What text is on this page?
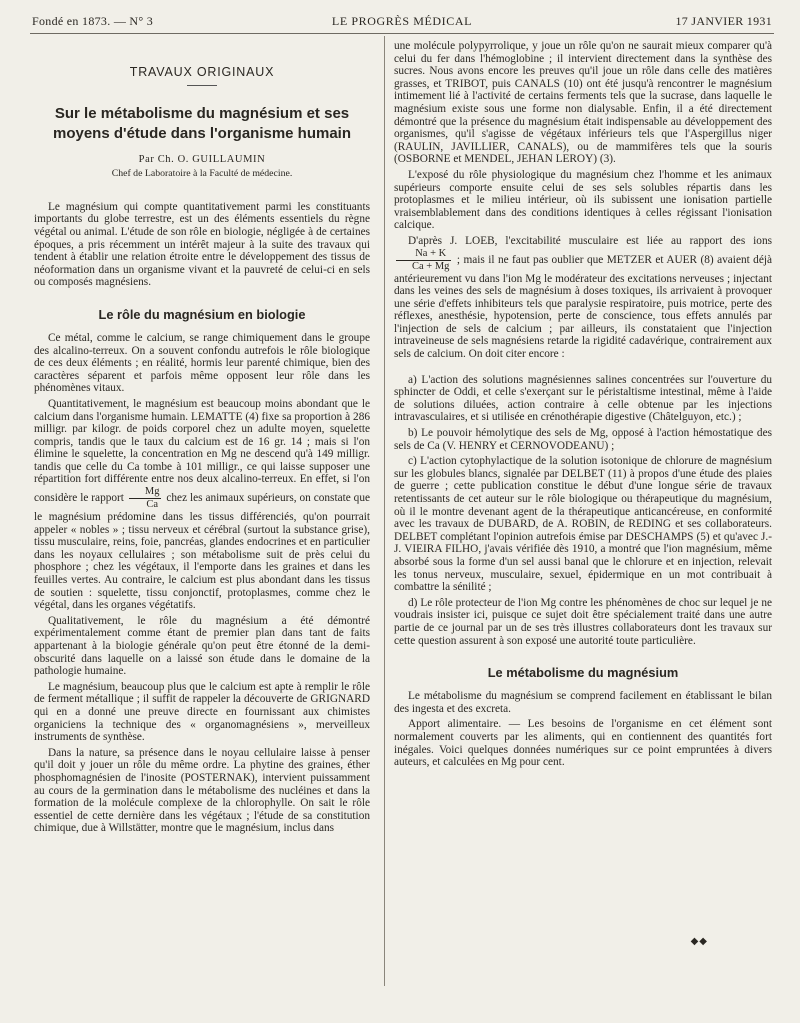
Fondé en 1873. — N° 3	LE PROGRÈS MÉDICAL	17 JANVIER 1931
TRAVAUX ORIGINAUX
Sur le métabolisme du magnésium et ses moyens d'étude dans l'organisme humain
Par Ch. O. GUILLAUMIN
Chef de Laboratoire à la Faculté de médecine.

Le magnésium qui compte quantitativement parmi les constituants importants du globe terrestre, est un des éléments essentiels du règne végétal ou animal. L'étude de son rôle en biologie, négligée à de certaines époques, a pris récemment un intérêt majeur à la suite des travaux qui tendent à établir une relation étroite entre le développement des tissus de néoformation dans un organisme vivant et la pauvreté de celui-ci en sels ou composés magnésiens.

Le rôle du magnésium en biologie

Ce métal, comme le calcium, se range chimiquement dans le groupe des alcalino-terreux. On a souvent confondu autrefois le rôle biologique de ces deux éléments ; en réalité, hormis leur parenté chimique, bien des caractères séparent et parfois même opposent leur rôle dans les phénomènes vitaux.

Quantitativement, le magnésium est beaucoup moins abondant que le calcium dans l'organisme humain. LEMATTE (4) fixe sa proportion à 286 milligr. par kilogr. de poids corporel chez un adulte moyen, squelette compris, tandis que le taux du calcium est de 16 gr. 14 ; mais si l'on élimine le squelette, la concentration en Mg ne descend qu'à 149 milligr. tandis que celle du Ca tombe à 101 milligr., ce qui laisse supposer une répartition fort différente entre nos deux alcalino-terreux. En effet, si l'on considère le rapport $\frac{Mg}{Ca}$ chez les animaux supérieurs, on constate que le magnésium prédomine dans les tissus différenciés, qu'on pourrait appeler « nobles » ; tissu nerveux et cérébral (surtout la substance grise), tissu musculaire, reins, foie, pancréas, glandes endocrines et en particulier dans les noyaux cellulaires ; son métabolisme suit de près celui du phosphore ; chez les végétaux, il l'emporte dans les graines et dans les feuilles vertes. Au contraire, le calcium est plus abondant dans les tissus de soutien : squelette, tissu conjonctif, protoplasmes, comme chez le végétal, dans les organes végétatifs.

Qualitativement, le rôle du magnésium a été démontré expérimentalement comme étant de premier plan dans tant de faits appartenant à la biologie générale qu'on peut être étonné de la demi-obscurité dans laquelle on a laissé son étude dans le domaine de la pathologie humaine.

Le magnésium, beaucoup plus que le calcium est apte à remplir le rôle de ferment métallique ; il suffit de rappeler la découverte de GRIGNARD qui en a donné une preuve directe en fournissant aux chimistes organiciens la technique des « organomagnésiens », merveilleux instruments de synthèse.

Dans la nature, sa présence dans le noyau cellulaire laisse à penser qu'il doit y jouer un rôle du même ordre. La phytine des graines, éther phosphomagnésien de l'inosite (POSTERNAK), intervient puissamment au cours de la germination dans le métabolisme des nucléines et dans la formation de la molécule complexe de la chlorophylle. On sait le rôle essentiel de cette dernière dans les végétaux ; l'étude de sa constitution chimique, due à Willstätter, montre que le magnésium, inclus dans

une molécule polypyrrolique, y joue un rôle qu'on ne saurait mieux comparer qu'à celui du fer dans l'hémoglobine ; il intervient directement dans la synthèse des sucres. Nous avons encore les preuves qu'il joue un rôle dans celle des matières grasses, et TRIBOT, puis CANALS (10) ont été jusqu'à rencontrer le magnésium intimement lié à l'activité de certains ferments tels que la sucrase, dans laquelle le magnésium existe sous une forme non dialysable. Enfin, il a été directement démontré que la présence du magnésium était indispensable au développement des organismes, qu'il s'agisse de végétaux inférieurs tels que l'Aspergillus niger (RAULIN, JAVILLIER, CANALS), ou de mammifères tels que la souris (OSBORNE et MENDEL, JEHAN LEROY) (3).

L'exposé du rôle physiologique du magnésium chez l'homme et les animaux supérieurs comporte ensuite celui de ses sels solubles répartis dans les protoplasmes et le milieu intérieur, où ils subissent une ionisation partielle vraisemblablement dans des conditions identiques à celles régissant l'ionisation calcique.

D'après J. LOEB, l'excitabilité musculaire est liée au rapport des ions
$\frac{Na + K}{Ca + Mg}$ ; mais il ne faut pas oublier que METZER et AUER (8) avaient déjà antérieurement vu dans l'ion Mg le modérateur des excitations nerveuses ; injectant dans les veines des sels de magnésium à doses toxiques, ils arrivaient à provoquer une série d'effets inhibiteurs tels que paralysie respiratoire, puis motrice, perte des réflexes, anesthésie, hypotension, perte de conscience, tous effets annulés par l'injection de sels de calcium ; par ailleurs, ils constataient que l'injection intraveineuse de sels magnésiens retarde la rigidité cadavérique, contrairement aux sels de calcium. On doit citer encore :

a) L'action des solutions magnésiennes salines concentrées sur l'ouverture du sphincter de Oddi, et celle s'exerçant sur le péristaltisme intestinal, même à l'aide de solutions diluées, action contraire à celle obtenue par les injections intravasculaires, et si utilisée en crénothérapie digestive (Châtelguyon, etc.) ;

b) Le pouvoir hémolytique des sels de Mg, opposé à l'action hémostatique des sels de Ca (V. HENRY et CERNOVODEANU) ;

c) L'action cytophylactique de la solution isotonique de chlorure de magnésium sur les globules blancs, signalée par DELBET (11) à propos d'une étude des plaies de guerre ; cette publication constitue le début d'une longue série de travaux retentissants de cet auteur sur le rôle biologique ou thérapeutique du magnésium, où il le montre devenant agent de la thérapeutique anticancéreuse, en conformité avec les travaux de DUBARD, de A. ROBIN, de REDING et ses collaborateurs. DELBET complétant l'opinion autrefois émise par DESCHAMPS (5) et qu'avec J.-J. VIEIRA FILHO, j'avais vérifiée dès 1910, a montré que l'ion magnésium, même absorbé sous la forme d'un sel aussi banal que le chlorure et en injection, relevait les tonus nerveux, musculaire, sexuel, épidermique en un mot contribuait à combattre la sénilité ;

d) Le rôle protecteur de l'ion Mg contre les phénomènes de choc sur lequel je ne voudrais insister ici, puisque ce sujet doit être spécialement traité dans une autre partie de ce journal par un de ses très illustres collaborateurs dont les travaux sur cette question assurent à son exposé une autorité toute particulière.

Le métabolisme du magnésium

Le métabolisme du magnésium se comprend facilement en établissant le bilan des ingesta et des excreta.

Apport alimentaire. — Les besoins de l'organisme en cet élément sont normalement couverts par les aliments, qui en contiennent des quantités fort inégales. Voici quelques données numériques sur ce point empruntées à divers auteurs, et calculées en Mg pour cent.

◆◆
